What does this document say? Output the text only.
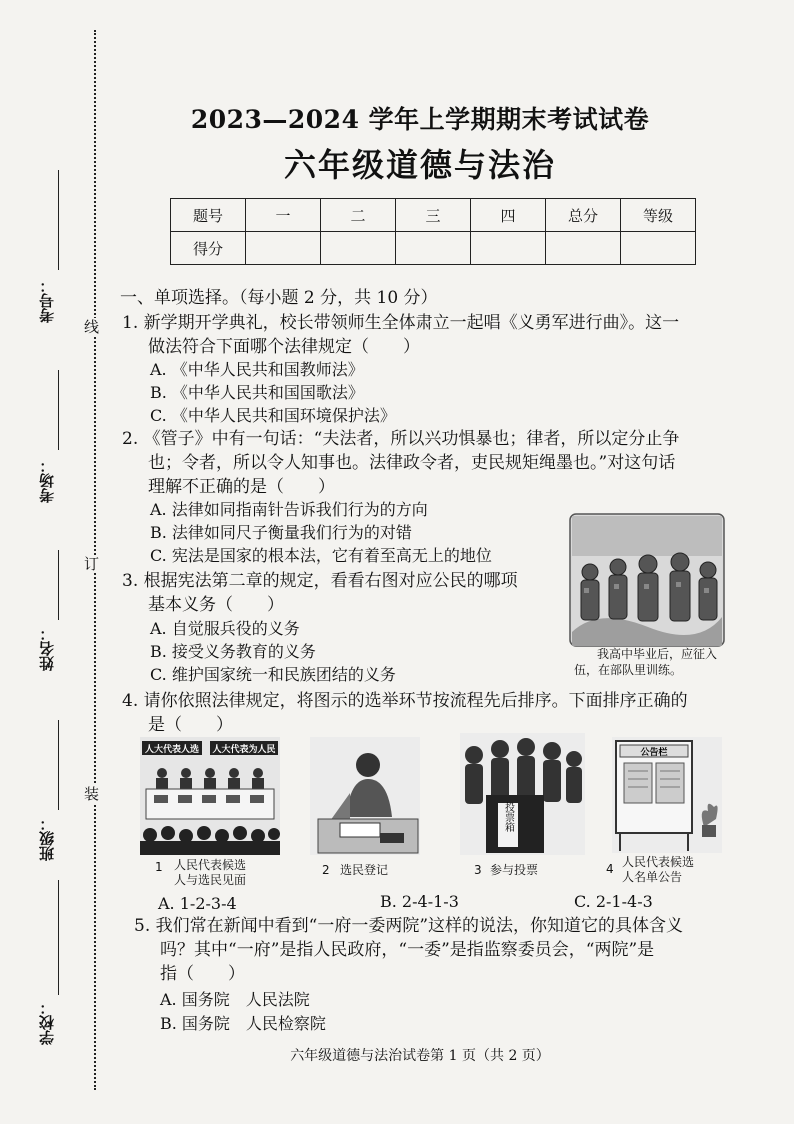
线
订
装
考号：
考场：
姓名：
班级：
学校：
2023—2024 学年上学期期末考试试卷
六年级道德与法治
题号	一	二	三	四	总分	等级
得分						
一、单项选择。（每小题 2 分，共 10 分）
1. 新学期开学典礼，校长带领师生全体肃立一起唱《义勇军进行曲》。这一
做法符合下面哪个法律规定（　　）
A. 《中华人民共和国教师法》
B. 《中华人民共和国国歌法》
C. 《中华人民共和国环境保护法》
2. 《管子》中有一句话：“夫法者，所以兴功惧暴也；律者，所以定分止争
也；令者，所以令人知事也。法律政令者，吏民规矩绳墨也。”对这句话
理解不正确的是（　　）
A. 法律如同指南针告诉我们行为的方向
B. 法律如同尺子衡量我们行为的对错
C. 宪法是国家的根本法，它有着至高无上的地位
3. 根据宪法第二章的规定，看看右图对应公民的哪项
基本义务（　　）
A. 自觉服兵役的义务
B. 接受义务教育的义务
C. 维护国家统一和民族团结的义务
我高中毕业后，应征入
伍，在部队里训练。
4. 请你依照法律规定，将图示的选举环节按流程先后排序。下面排序正确的
是（　　）
人大代表人选 人大代表为人民
1 人民代表候选
人与选民见面
2 选民登记
投票箱
3 参与投票
公告栏
4 人民代表候选
人名单公告
A. 1-2-3-4	B. 2-4-1-3	C. 2-1-4-3
5. 我们常在新闻中看到“一府一委两院”这样的说法，你知道它的具体含义
吗？其中“一府”是指人民政府，“一委”是指监察委员会，“两院”是
指（　　）
A. 国务院　人民法院
B. 国务院　人民检察院
六年级道德与法治试卷第 1 页（共 2 页）
